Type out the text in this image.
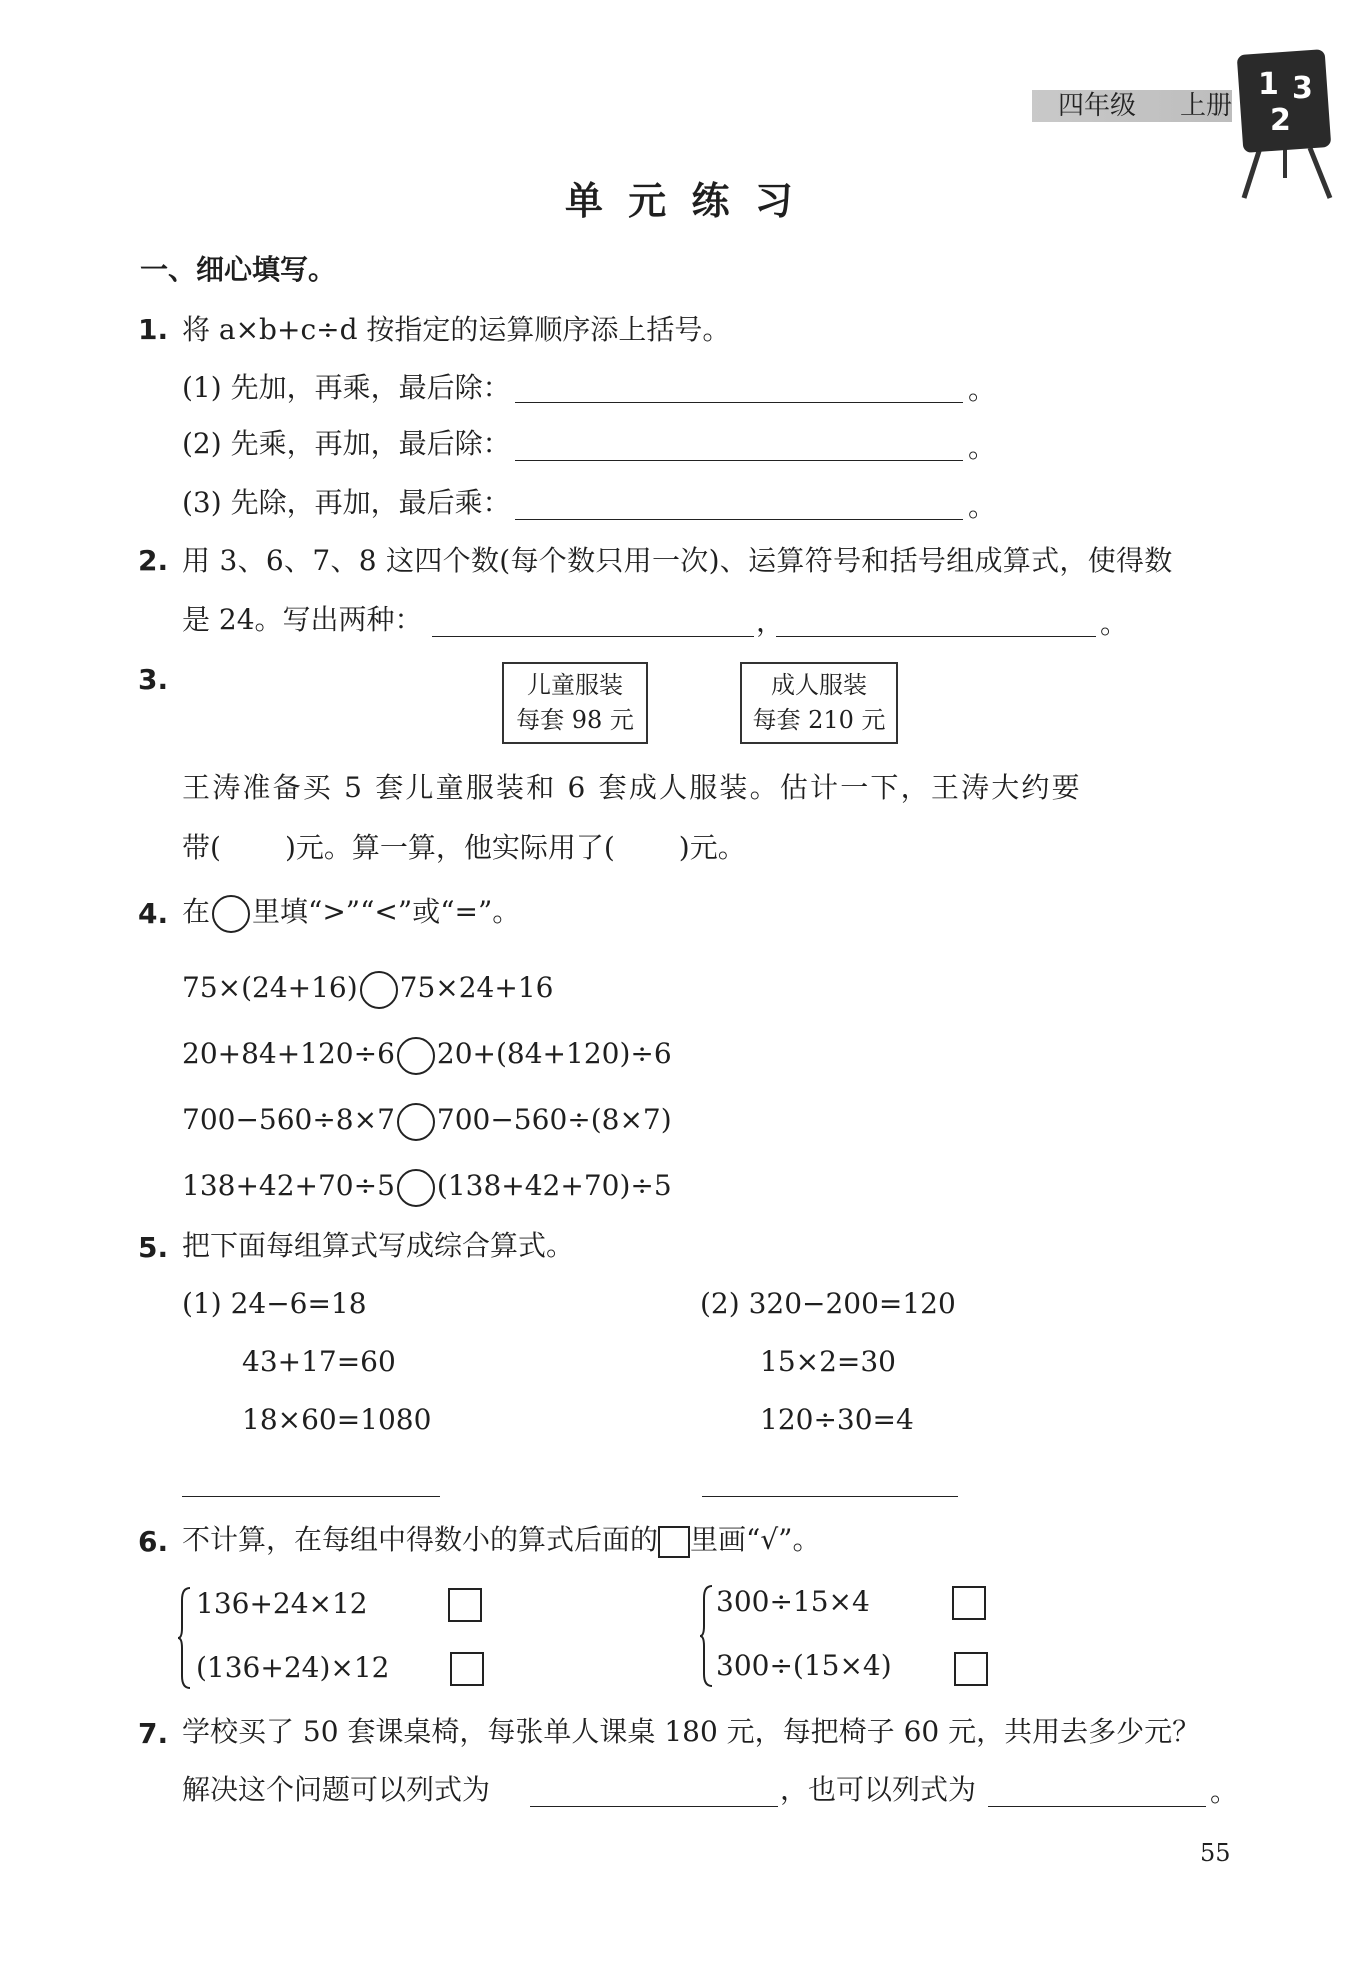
四年级 上册
1 3
2
单 元 练 习
一、细心填写。
1. 将 a×b+c÷d 按指定的运算顺序添上括号。
(1) 先加，再乘，最后除：	。
(2) 先乘，再加，最后除：	。
(3) 先除，再加，最后乘：	。
2. 用 3、6、7、8 这四个数(每个数只用一次)、运算符号和括号组成算式，使得数
是 24。写出两种：	，	。
3.	儿童服装
每套 98 元
成人服装
每套 210 元
王涛准备买 5 套儿童服装和 6 套成人服装。估计一下，王涛大约要
带( )元。算一算，他实际用了( )元。
4. 在 里填“>”“<”或“=”。
75×(24+16) 75×24+16
20+84+120÷6 20+(84+120)÷6
700−560÷8×7 700−560÷(8×7)
138+42+70÷5 (138+42+70)÷5
5. 把下面每组算式写成综合算式。
(1) 24−6=18
43+17=60
18×60=1080
(2) 320−200=120
15×2=30
120÷30=4
6. 不计算，在每组中得数小的算式后面的 里画“√”。
136+24×12
(136+24)×12
300÷15×4
300÷(15×4)
7. 学校买了 50 套课桌椅，每张单人课桌 180 元，每把椅子 60 元，共用去多少元？
解决这个问题可以列式为	，也可以列式为	。
55
